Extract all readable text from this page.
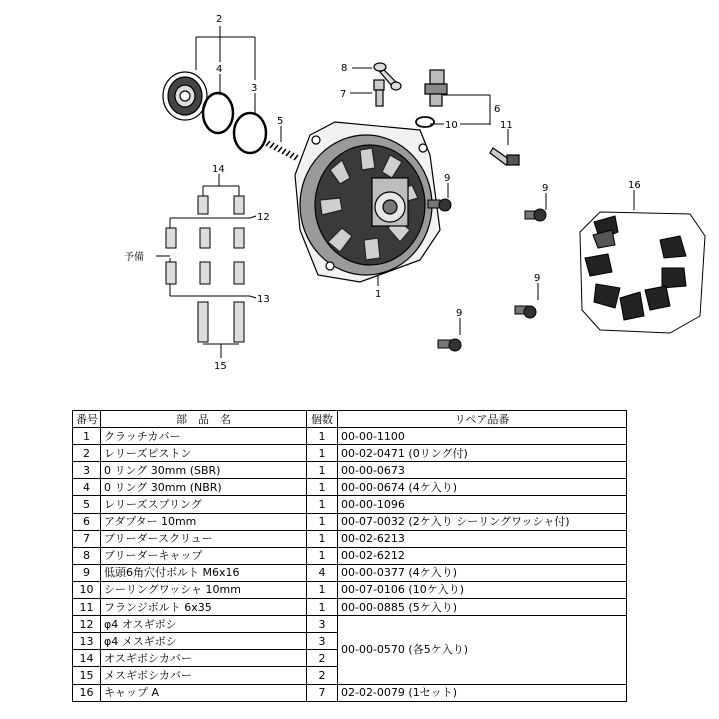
2
4
3
5
8
7
6
10	11
9
9
9
9
1
16
14
12
13
15
予備
番号	部　品　名	個数	リペア品番
1	クラッチカバー	1	00-00-1100
2	レリーズピストン	1	00-02-0471 (0リング付)
3	0 リング 30mm (SBR)	1	00-00-0673
4	0 リング 30mm (NBR)	1	00-00-0674 (4ケ入り)
5	レリーズスプリング	1	00-00-1096
6	アダプター 10mm	1	00-07-0032 (2ケ入り シーリングワッシャ付)
7	ブリーダースクリュー	1	00-02-6213
8	ブリーダーキャップ	1	00-02-6212
9	低頭6角穴付ボルト M6x16	4	00-00-0377 (4ケ入り)
10	シーリングワッシャ 10mm	1	00-07-0106 (10ケ入り)
11	フランジボルト 6x35	1	00-00-0885 (5ケ入り)
12	φ4 オスギボシ	3	00-00-0570 (各5ケ入り)
13	φ4 メスギボシ	3	
14	オスギボシカバー	2	
15	メスギボシカバー	2	
16	キャップ A	7	02-02-0079 (1セット)
